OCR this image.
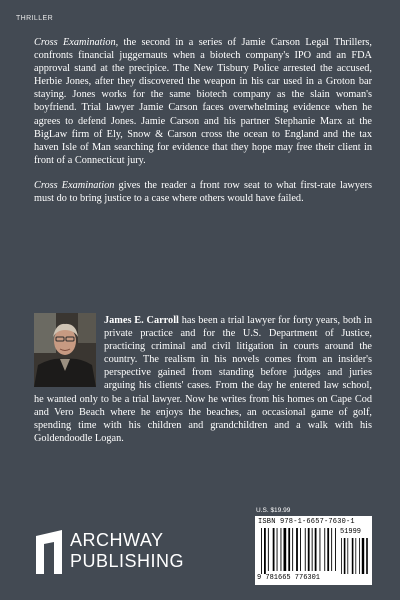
THRILLER

Cross Examination, the second in a series of Jamie Carson Legal Thrillers, confronts financial juggernauts when a biotech company's IPO and an FDA approval stand at the precipice. The New Tisbury Police arrested the accused, Herbie Jones, after they discovered the weapon in his car used in a Groton bar staying. Jones works for the same biotech company as the slain woman's boyfriend. Trial lawyer Jamie Carson faces overwhelming evidence when he agrees to defend Jones. Jamie Carson and his partner Stephanie Marx at the BigLaw firm of Ely, Snow & Carson cross the ocean to England and the tax haven Isle of Man searching for evidence that they hope may free their client in front of a Connecticut jury.

Cross Examination gives the reader a front row seat to what first-rate lawyers must do to bring justice to a case where others would have failed.

James E. Carroll has been a trial lawyer for forty years, both in private practice and for the U.S. Department of Justice, practicing criminal and civil litigation in courts around the country. The realism in his novels comes from an insider's perspective gained from standing before judges and juries arguing his clients' cases. From the day he entered law school, he wanted only to be a trial lawyer. Now he writes from his homes on Cape Cod and Vero Beach where he enjoys the beaches, an occasional game of golf, spending time with his children and grandchildren and a walk with his Goldendoodle Logan.
ARCHWAY
PUBLISHING
U.S. $19.99
ISBN 978-1-6657-7630-1
9 781665 776301
51999
